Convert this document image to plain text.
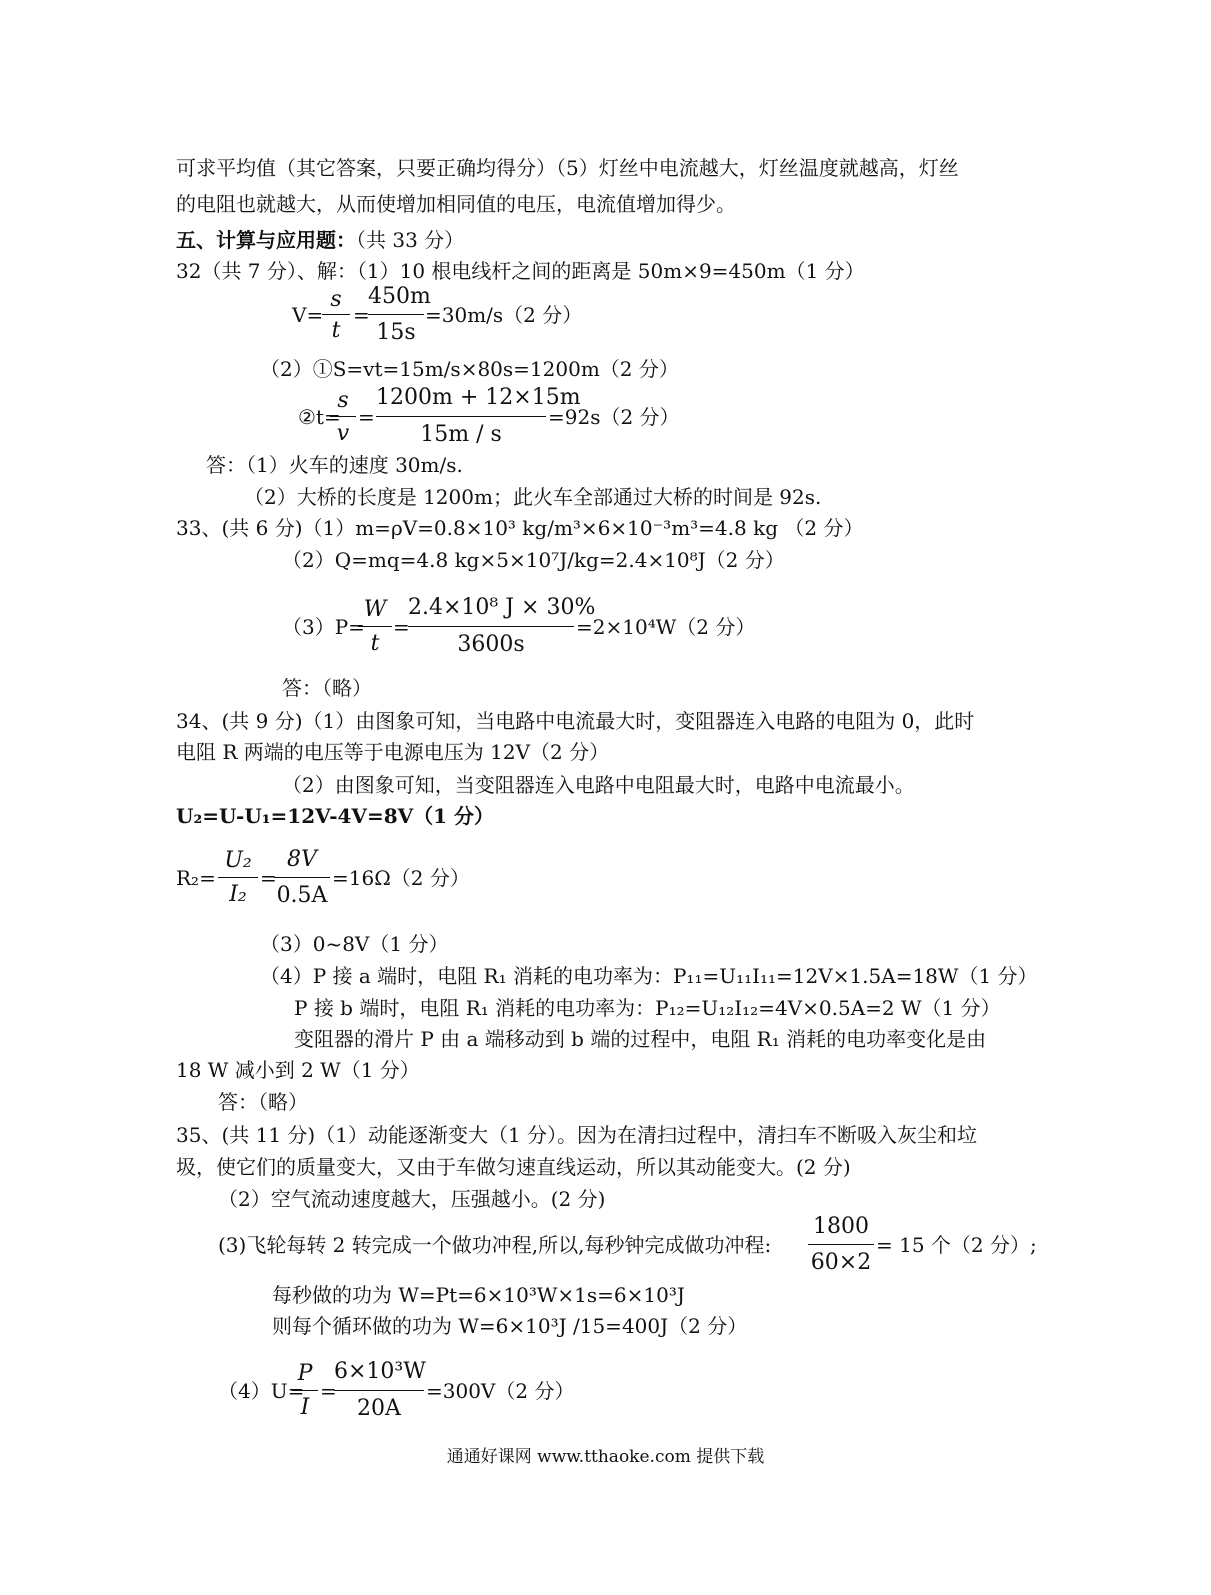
可求平均值（其它答案，只要正确均得分）（5）灯丝中电流越大，灯丝温度就越高，灯丝
的电阻也就越大，从而使增加相同值的电压，电流值增加得少。
五、计算与应用题：（共 33 分）
32（共 7 分）、解：（1）10 根电线杆之间的距离是 50m×9=450m（1 分）
V=
s
t
=
450m
15s
=30m/s（2 分）
（2）①S=vt=15m/s×80s=1200m（2 分）
②t=
s
v
=
1200m + 12×15m
15m / s
=92s（2 分）
答：（1）火车的速度 30m/s.
（2）大桥的长度是 1200m；此火车全部通过大桥的时间是 92s.
33、(共 6 分)（1）m=ρV=0.8×10³ kg/m³×6×10⁻³m³=4.8 kg （2 分）
（2）Q=mq=4.8 kg×5×10⁷J/kg=2.4×10⁸J（2 分）
（3）P=
W
t
=
2.4×10⁸ J × 30%
3600s
=2×10⁴W（2 分）
答：（略）
34、(共 9 分)（1）由图象可知，当电路中电流最大时，变阻器连入电路的电阻为 0，此时
电阻 R 两端的电压等于电源电压为 12V（2 分）
（2）由图象可知，当变阻器连入电路中电阻最大时，电路中电流最小。
U₂=U-U₁=12V-4V=8V（1 分）
R₂=
U₂
I₂
=
8V
0.5A
=16Ω（2 分）
（3）0~8V（1 分）
（4）P 接 a 端时，电阻 R₁ 消耗的电功率为：P₁₁=U₁₁I₁₁=12V×1.5A=18W（1 分）
P 接 b 端时，电阻 R₁ 消耗的电功率为：P₁₂=U₁₂I₁₂=4V×0.5A=2 W（1 分）
变阻器的滑片 P 由 a 端移动到 b 端的过程中，电阻 R₁ 消耗的电功率变化是由
18 W 减小到 2 W（1 分）
答：（略）
35、(共 11 分)（1）动能逐渐变大（1 分）。因为在清扫过程中，清扫车不断吸入灰尘和垃
圾，使它们的质量变大，又由于车做匀速直线运动，所以其动能变大。(2 分)
（2）空气流动速度越大，压强越小。(2 分)
(3)飞轮每转 2 转完成一个做功冲程,所以,每秒钟完成做功冲程:
1800
60×2
= 15 个（2 分）;
每秒做的功为 W=Pt=6×10³W×1s=6×10³J
则每个循环做的功为 W=6×10³J /15=400J（2 分）
（4）U=
P
I
=
6×10³W
20A
=300V（2 分）
通通好课网 www.tthaoke.com 提供下载
